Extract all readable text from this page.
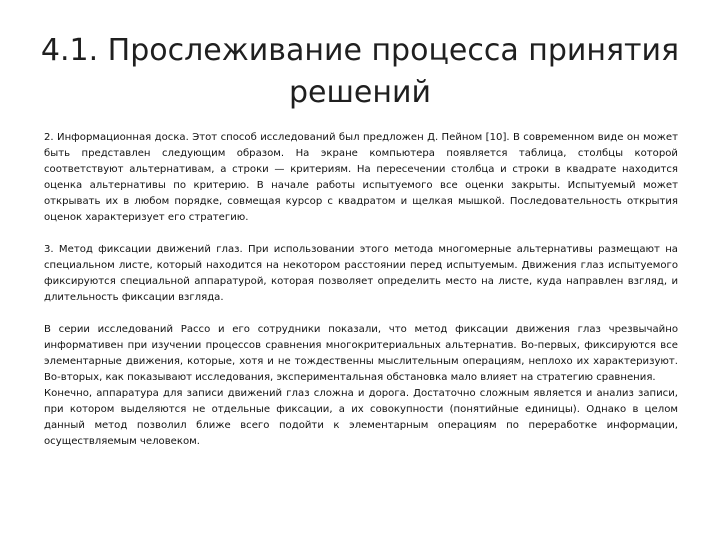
4.1. Прослеживание процесса принятия решений

2. Информационная доска. Этот способ исследований был предложен Д. Пейном [10]. В современном виде он может быть представлен следующим образом. На экране компьютера появляется таблица, столбцы которой соответствуют альтернативам, а строки — критериям. На пересечении столбца и строки в квадрате находится оценка альтернативы по критерию. В начале работы испытуемого все оценки закрыты. Испытуемый может открывать их в любом порядке, совмещая курсор с квадратом и щелкая мышкой. Последовательность открытия оценок характеризует его стратегию.

3. Метод фиксации движений глаз. При использовании этого метода многомерные альтернативы размещают на специальном листе, который находится на некотором расстоянии перед испытуемым. Движения глаз испытуемого фиксируются специальной аппаратурой, которая позволяет определить место на листе, куда направлен взгляд, и длительность фиксации взгляда.

В серии исследований Рассо и его сотрудники показали, что метод фиксации движения глаз чрезвычайно информативен при изучении процессов сравнения многокритериальных альтернатив. Во-первых, фиксируются все элементарные движения, которые, хотя и не тождественны мыслительным операциям, неплохо их характеризуют. Во-вторых, как показывают исследования, экспериментальная обстановка мало влияет на стратегию сравнения.

Конечно, аппаратура для записи движений глаз сложна и дорога. Достаточно сложным является и анализ записи, при котором выделяются не отдельные фиксации, а их совокупности (понятийные единицы). Однако в целом данный метод позволил ближе всего подойти к элементарным операциям по переработке информации, осуществляемым человеком.
